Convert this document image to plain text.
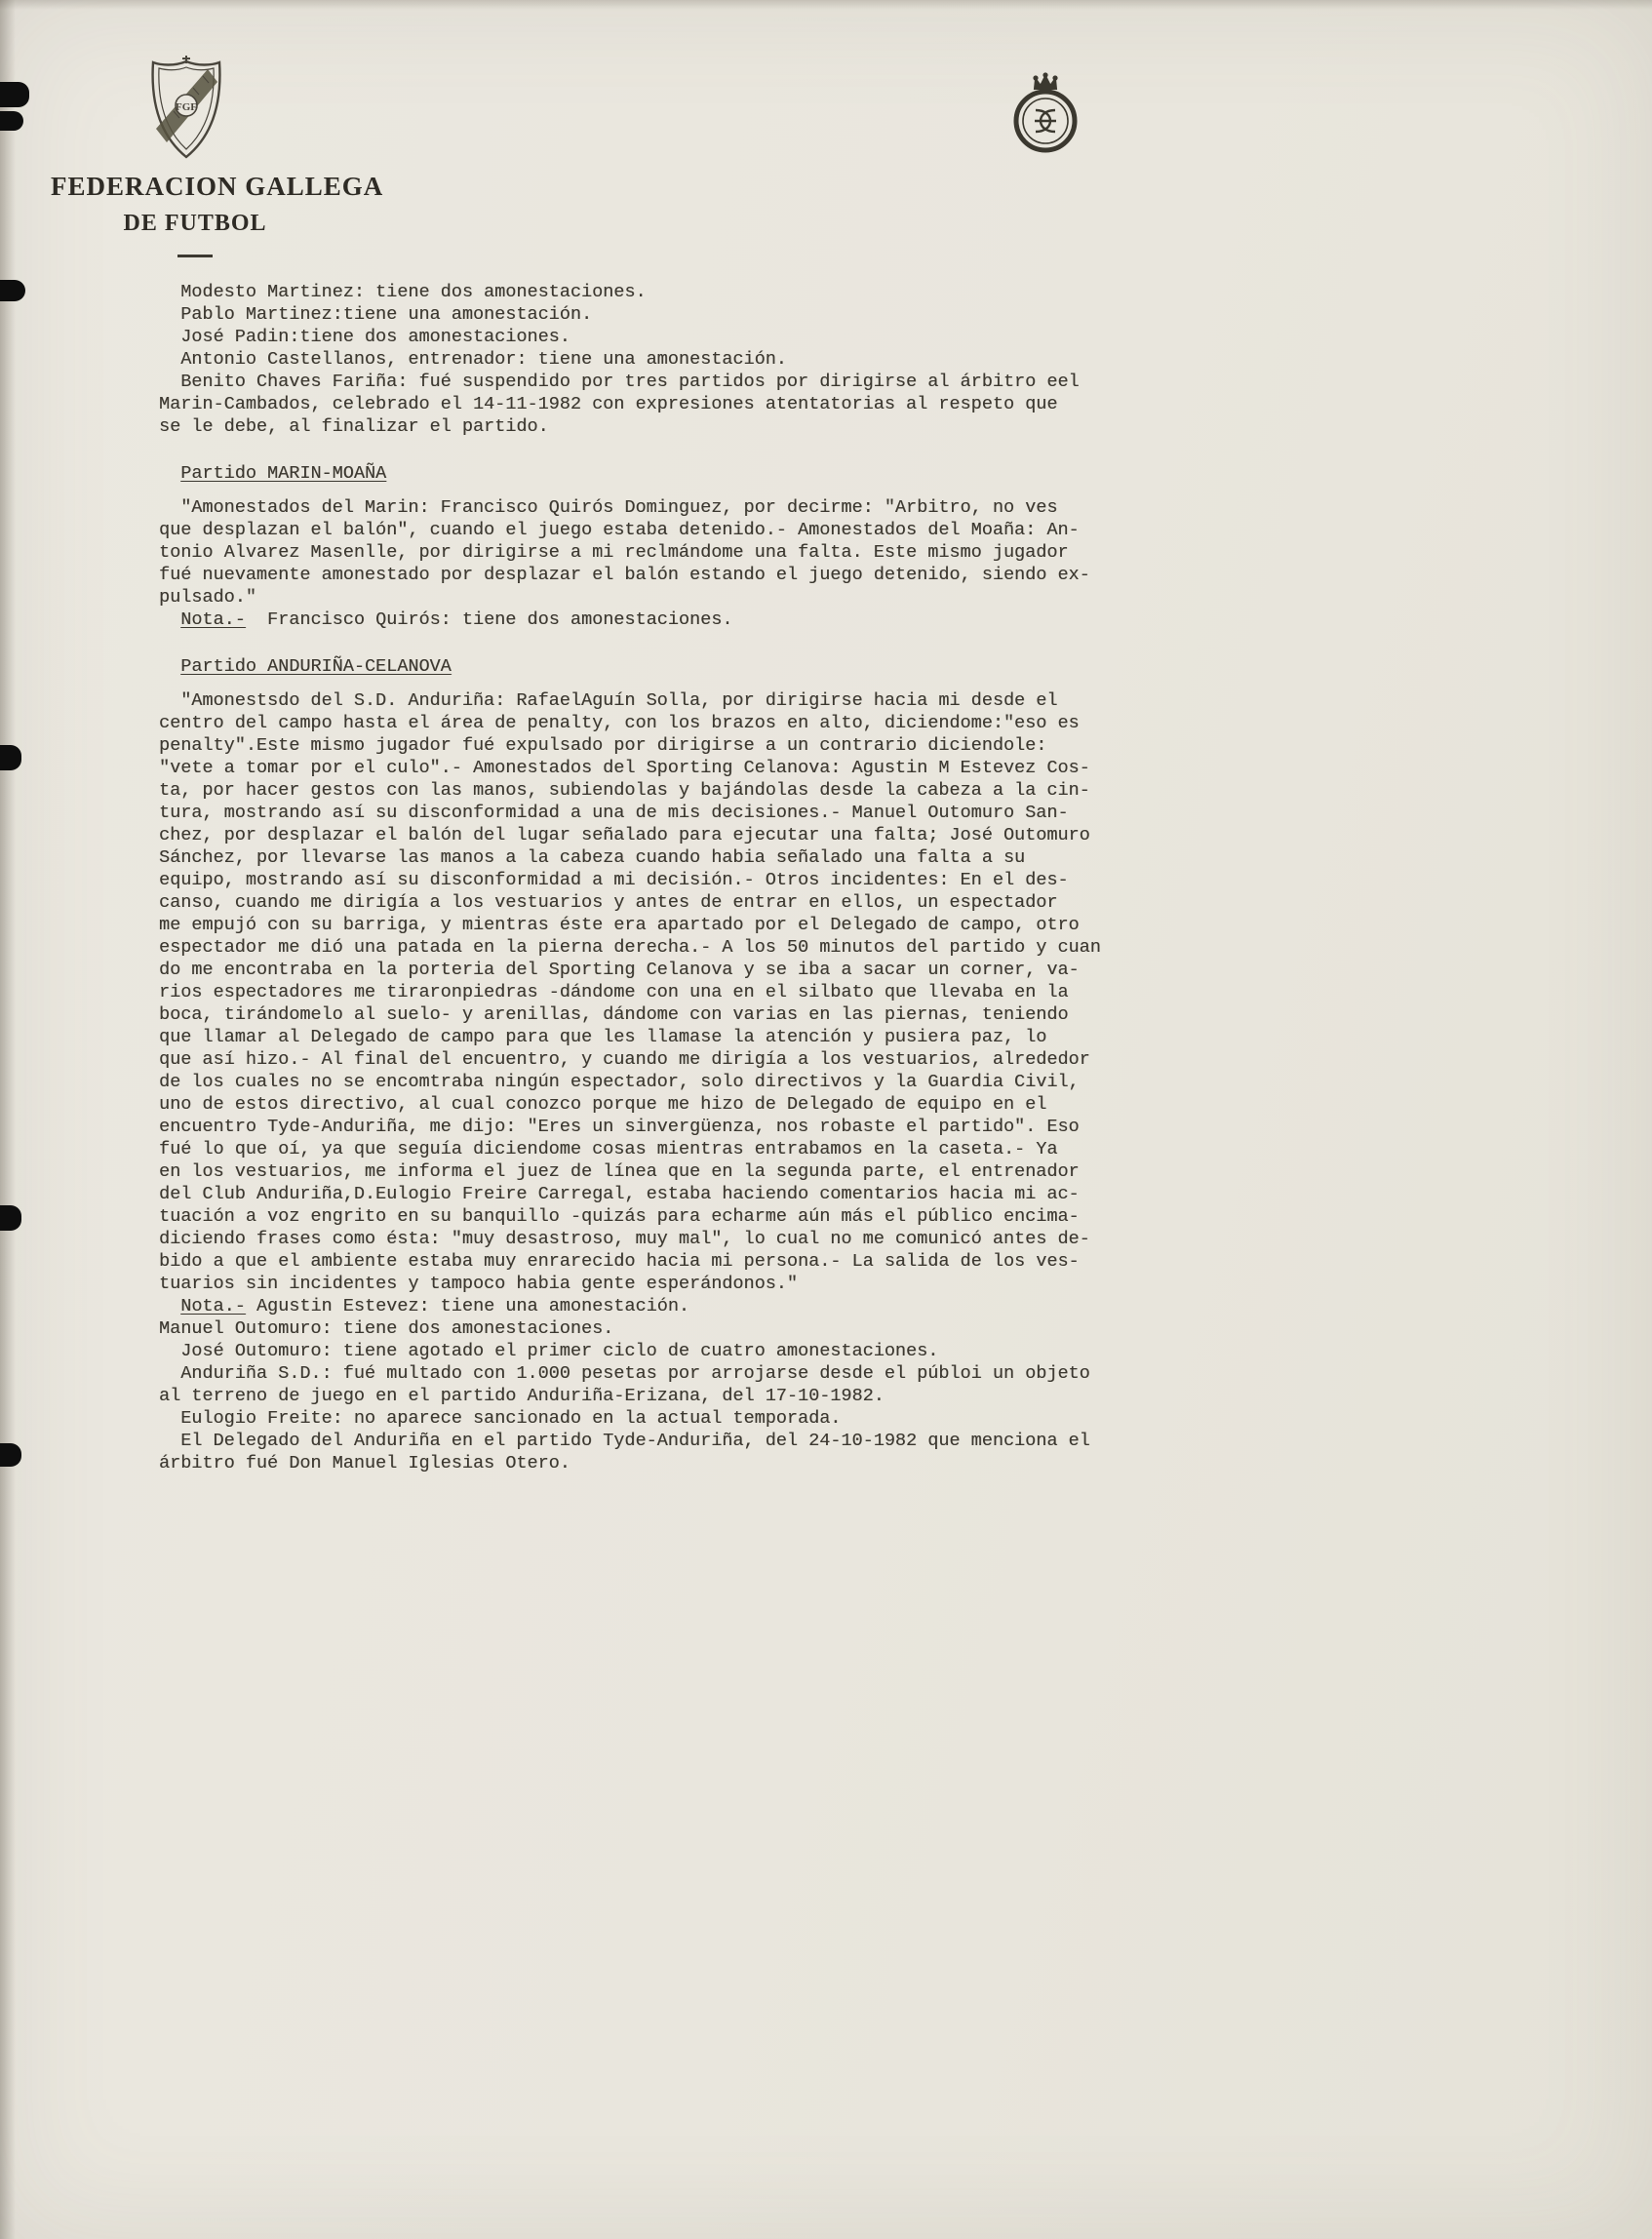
FGF
FEDERACION GALLEGA
DE FUTBOL
Modesto Martinez: tiene dos amonestaciones.
Pablo Martinez:tiene una amonestación.
José Padin:tiene dos amonestaciones.
Antonio Castellanos, entrenador: tiene una amonestación.
Benito Chaves Fariña: fué suspendido por tres partidos por dirigirse al árbitro eel
Marin-Cambados, celebrado el 14-11-1982 con expresiones atentatorias al respeto que
se le debe, al finalizar el partido.
Partido MARIN-MOAÑA
"Amonestados del Marin: Francisco Quirós Dominguez, por decirme: "Arbitro, no ves
que desplazan el balón", cuando el juego estaba detenido.- Amonestados del Moaña: An-
tonio Alvarez Masenlle, por dirigirse a mi reclmándome una falta. Este mismo jugador
fué nuevamente amonestado por desplazar el balón estando el juego detenido, siendo ex-
pulsado."
Nota.-  Francisco Quirós: tiene dos amonestaciones.
Partido ANDURIÑA-CELANOVA
"Amonestsdo del S.D. Anduriña: RafaelAguín Solla, por dirigirse hacia mi desde el
centro del campo hasta el área de penalty, con los brazos en alto, diciendome:"eso es
penalty".Este mismo jugador fué expulsado por dirigirse a un contrario diciendole:
"vete a tomar por el culo".- Amonestados del Sporting Celanova: Agustin M Estevez Cos-
ta, por hacer gestos con las manos, subiendolas y bajándolas desde la cabeza a la cin-
tura, mostrando así su disconformidad a una de mis decisiones.- Manuel Outomuro San-
chez, por desplazar el balón del lugar señalado para ejecutar una falta; José Outomuro
Sánchez, por llevarse las manos a la cabeza cuando habia señalado una falta a su
equipo, mostrando así su disconformidad a mi decisión.- Otros incidentes: En el des-
canso, cuando me dirigía a los vestuarios y antes de entrar en ellos, un espectador
me empujó con su barriga, y mientras éste era apartado por el Delegado de campo, otro
espectador me dió una patada en la pierna derecha.- A los 50 minutos del partido y cuan
do me encontraba en la porteria del Sporting Celanova y se iba a sacar un corner, va-
rios espectadores me tiraronpiedras -dándome con una en el silbato que llevaba en la
boca, tirándomelo al suelo- y arenillas, dándome con varias en las piernas, teniendo
que llamar al Delegado de campo para que les llamase la atención y pusiera paz, lo
que así hizo.- Al final del encuentro, y cuando me dirigía a los vestuarios, alrededor
de los cuales no se encomtraba ningún espectador, solo directivos y la Guardia Civil,
uno de estos directivo, al cual conozco porque me hizo de Delegado de equipo en el
encuentro Tyde-Anduriña, me dijo: "Eres un sinvergüenza, nos robaste el partido". Eso
fué lo que oí, ya que seguía diciendome cosas mientras entrabamos en la caseta.- Ya
en los vestuarios, me informa el juez de línea que en la segunda parte, el entrenador
del Club Anduriña,D.Eulogio Freire Carregal, estaba haciendo comentarios hacia mi ac-
tuación a voz engrito en su banquillo -quizás para echarme aún más el público encima-
diciendo frases como ésta: "muy desastroso, muy mal", lo cual no me comunicó antes de-
bido a que el ambiente estaba muy enrarecido hacia mi persona.- La salida de los ves-
tuarios sin incidentes y tampoco habia gente esperándonos."
Nota.- Agustin Estevez: tiene una amonestación.
Manuel Outomuro: tiene dos amonestaciones.
José Outomuro: tiene agotado el primer ciclo de cuatro amonestaciones.
Anduriña S.D.: fué multado con 1.000 pesetas por arrojarse desde el públoi un objeto
al terreno de juego en el partido Anduriña-Erizana, del 17-10-1982.
Eulogio Freite: no aparece sancionado en la actual temporada.
El Delegado del Anduriña en el partido Tyde-Anduriña, del 24-10-1982 que menciona el
árbitro fué Don Manuel Iglesias Otero.
